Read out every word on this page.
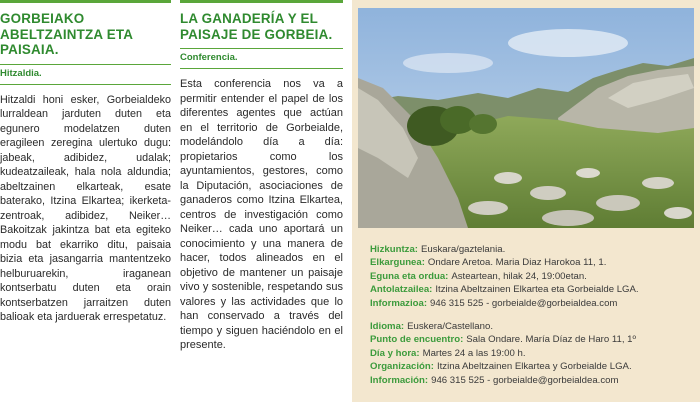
GORBEIAKO ABELTZAINTZA ETA PAISAIA.
Hitzaldia.
Hitzaldi honi esker, Gorbeialdeko lurraldean jarduten duten eta egunero modelatzen duten eragileen zeregina ulertuko dugu: jabeak, adibidez, udalak; kudeatzaileak, hala nola aldundia; abeltzainen elkarteak, esate baterako, Itzina Elkartea; ikerketa-zentroak, adibidez, Neiker… Bakoitzak jakintza bat eta egiteko modu bat ekarriko ditu, paisaia bizia eta jasangarria mantentzeko helburuarekin, iraganean kontserbatu duten eta orain kontserbatzen jarraitzen duten balioak eta jarduerak errespetatuz.
LA GANADERÍA Y EL PAISAJE DE GORBEIA.
Conferencia.
Esta conferencia nos va a permitir entender el papel de los diferentes agentes que actúan en el territorio de Gorbeialde, modelándolo día a día: propietarios como los ayuntamientos, gestores, como la Diputación, asociaciones de ganaderos como Itzina Elkartea, centros de investigación como Neiker… cada uno aportará un conocimiento y una manera de hacer, todos alineados en el objetivo de mantener un paisaje vivo y sostenible, respetando sus valores y las actividades que lo han conservado a través del tiempo y siguen haciéndolo en el presente.
Hizkuntza: Euskara/gaztelania.
Elkargunea: Ondare Aretoa. Maria Diaz Harokoa 11, 1.
Eguna eta ordua: Asteartean, hilak 24, 19:00etan.
Antolatzailea: Itzina Abeltzainen Elkartea eta Gorbeialde LGA.
Informazioa: 946 315 525 - gorbeialde@gorbeialdea.com
Idioma: Euskera/Castellano.
Punto de encuentro: Sala Ondare. María Díaz de Haro 11, 1º
Día y hora: Martes 24 a las 19:00 h.
Organización: Itzina Abeltzainen Elkartea y Gorbeialde LGA.
Información: 946 315 525 - gorbeialde@gorbeialdea.com
